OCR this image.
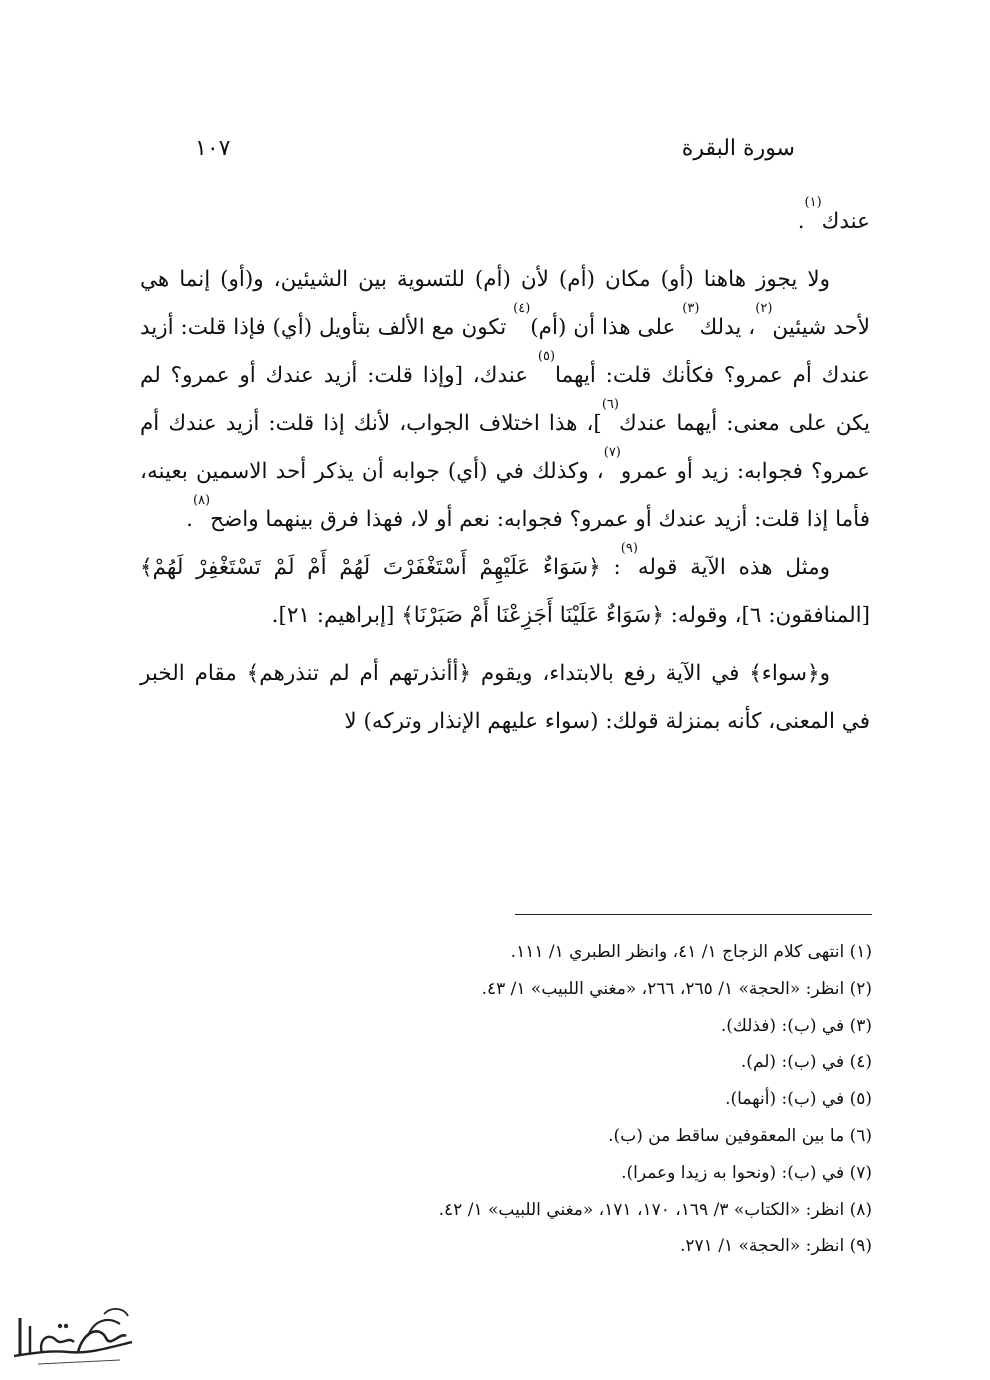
سورة البقرة
١٠٧

عندك$^{(١)}$.

ولا يجوز هاهنا (أو) مكان (أم) لأن (أم) للتسوية بين الشيئين، و(أو) إنما هي لأحد شيئين$^{(٢)}$، يدلك$^{(٣)}$ على هذا أن (أم)$^{(٤)}$ تكون مع الألف بتأويل (أي) فإذا قلت: أزيد عندك أم عمرو؟ فكأنك قلت: أيهما$^{(٥)}$ عندك، [وإذا قلت: أزيد عندك أو عمرو؟ لم يكن على معنى: أيهما عندك$^{(٦)}$]، هذا اختلاف الجواب، لأنك إذا قلت: أزيد عندك أم عمرو؟ فجوابه: زيد أو عمرو$^{(٧)}$، وكذلك في (أي) جوابه أن يذكر أحد الاسمين بعينه، فأما إذا قلت: أزيد عندك أو عمرو؟ فجوابه: نعم أو لا، فهذا فرق بينهما واضح$^{(٨)}$.

ومثل هذه الآية قوله$^{(٩)}$: ﴿سَوَاءٌ عَلَيْهِمْ أَسْتَغْفَرْتَ لَهُمْ أَمْ لَمْ تَسْتَغْفِرْ لَهُمْ﴾ [المنافقون: ٦]، وقوله: ﴿سَوَاءٌ عَلَيْنَا أَجَزِعْنَا أَمْ صَبَرْنَا﴾ [إبراهيم: ٢١].

و﴿سواء﴾ في الآية رفع بالابتداء، ويقوم ﴿أأنذرتهم أم لم تنذرهم﴾ مقام الخبر في المعنى، كأنه بمنزلة قولك: (سواء عليهم الإنذار وتركه) لا

(١) انتهى كلام الزجاج ١/ ٤١، وانظر الطبري ١/ ١١١.
(٢) انظر: «الحجة» ١/ ٢٦٥، ٢٦٦، «مغني اللبيب» ١/ ٤٣.
(٣) في (ب): (فذلك).
(٤) في (ب): (لم).
(٥) في (ب): (أنهما).
(٦) ما بين المعقوفين ساقط من (ب).
(٧) في (ب): (ونحوا به زيدا وعمرا).
(٨) انظر: «الكتاب» ٣/ ١٦٩، ١٧٠، ١٧١، «مغني اللبيب» ١/ ٤٢.
(٩) انظر: «الحجة» ١/ ٢٧١.
